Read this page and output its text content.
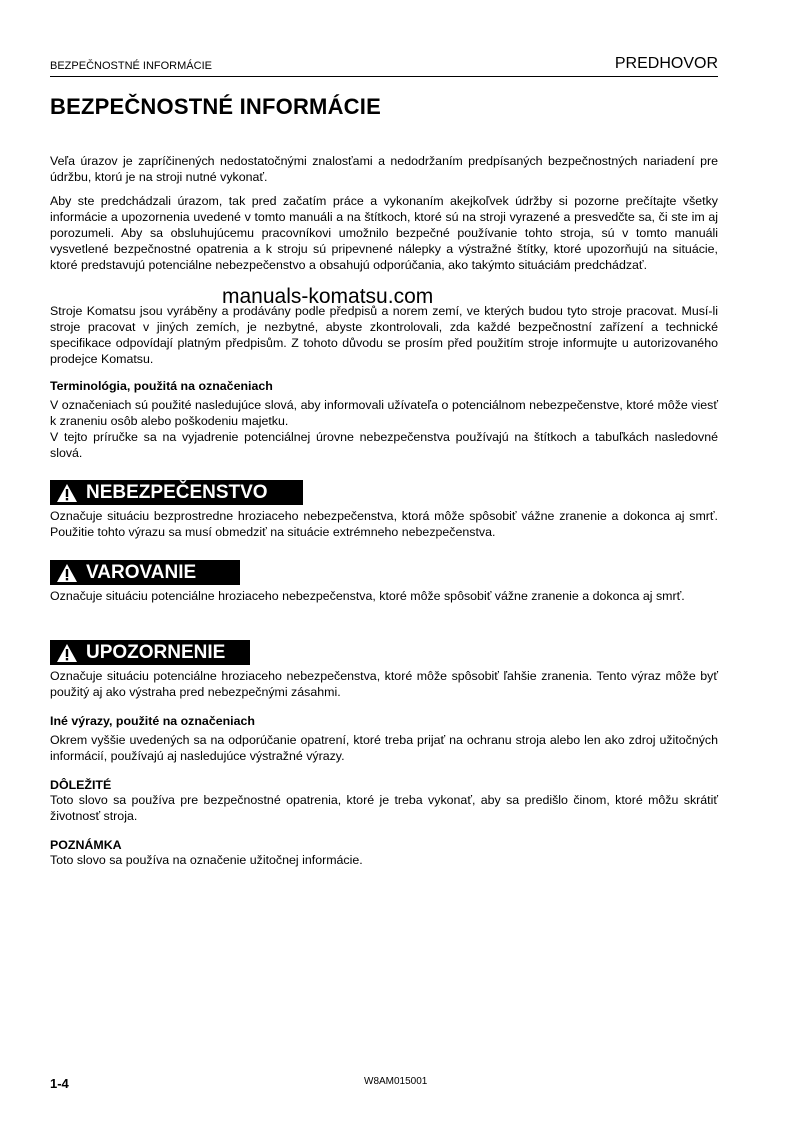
BEZPEČNOSTNÉ INFORMÁCIE	PREDHOVOR
BEZPEČNOSTNÉ INFORMÁCIE
Veľa úrazov je zapríčinených nedostatočnými znalosťami a nedodržaním predpísaných bezpečnostných nariadení pre údržbu, ktorú je na stroji nutné vykonať.
Aby ste predchádzali úrazom, tak pred začatím práce a vykonaním akejkoľvek údržby si pozorne prečítajte všetky informácie a upozornenia uvedené v tomto manuáli a na štítkoch, ktoré sú na stroji vyrazené a presvedčte sa, či ste im aj porozumeli. Aby sa obsluhujúcemu pracovníkovi umožnilo bezpečné používanie tohto stroja, sú v tomto manuáli vysvetlené bezpečnostné opatrenia a k stroju sú pripevnené nálepky a výstražné štítky, ktoré upozorňujú na situácie, ktoré predstavujú potenciálne nebezpečenstvo a obsahujú odporúčania, ako takýmto situáciám predchádzať.
Stroje Komatsu jsou vyráběny a prodávány podle předpisů a norem zemí, ve kterých budou tyto stroje pracovat. Musí-li stroje pracovat v jiných zemích, je nezbytné, abyste zkontrolovali, zda každé bezpečnostní zařízení a technické specifikace odpovídají platným předpisům. Z tohoto důvodu se prosím před použitím stroje informujte u autorizovaného prodejce Komatsu.
manuals-komatsu.com
Terminológia, použitá na označeniach
V označeniach sú použité nasledujúce slová, aby informovali užívateľa o potenciálnom nebezpečenstve, ktoré môže viesť k zraneniu osôb alebo poškodeniu majetku.
V tejto príručke sa na vyjadrenie potenciálnej úrovne nebezpečenstva používajú na štítkoch a tabuľkách nasledovné slová.
NEBEZPEČENSTVO
Označuje situáciu bezprostredne hroziaceho nebezpečenstva, ktorá môže spôsobiť vážne zranenie a dokonca aj smrť. Použitie tohto výrazu sa musí obmedziť na situácie extrémneho nebezpečenstva.
VAROVANIE
Označuje situáciu potenciálne hroziaceho nebezpečenstva, ktoré môže spôsobiť vážne zranenie a dokonca aj smrť.
UPOZORNENIE
Označuje situáciu potenciálne hroziaceho nebezpečenstva, ktoré môže spôsobiť ľahšie zranenia. Tento výraz môže byť použitý aj ako výstraha pred nebezpečnými zásahmi.
Iné výrazy, použité na označeniach
Okrem vyššie uvedených sa na odporúčanie opatrení, ktoré treba prijať na ochranu stroja alebo len ako zdroj užitočných informácií, používajú aj nasledujúce výstražné výrazy.
DÔLEŽITÉ
Toto slovo sa používa pre bezpečnostné opatrenia, ktoré je treba vykonať, aby sa predišlo činom, ktoré môžu skrátiť životnosť stroja.
POZNÁMKA
Toto slovo sa používa na označenie užitočnej informácie.
1-4	W8AM015001
